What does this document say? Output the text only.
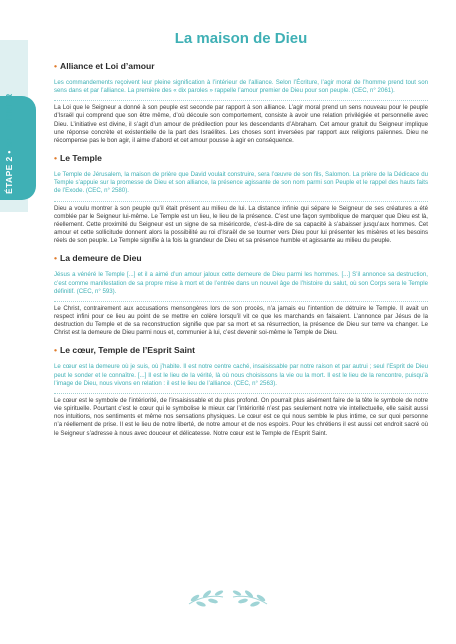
ÉTAPE 2 • SE FORMER
La maison de Dieu
• Alliance et Loi d’amour

Les commandements reçoivent leur pleine signification à l’intérieur de l’alliance. Selon l’Écriture, l’agir moral de l’homme prend tout son sens dans et par l’alliance. La première des « dix paroles » rappelle l’amour premier de Dieu pour son peuple. (CEC, n° 2061).

La Loi que le Seigneur a donné à son peuple est seconde par rapport à son alliance. L’agir moral prend un sens nouveau pour le peuple d’Israël qui comprend que son être même, d’où découle son comportement, consiste à avoir une relation privilégiée et personnelle avec Dieu. L’initiative est divine, il s’agit d’un amour de prédilection pour les descendants d’Abraham. Cet amour gratuit du Seigneur implique une réponse concrète et existentielle de la part des Israélites. Les choses sont inversées par rapport aux religions païennes. Dieu ne récompense pas le bon agir, il aime d’abord et cet amour pousse à agir en conséquence.

• Le Temple

Le Temple de Jérusalem, la maison de prière que David voulait construire, sera l’œuvre de son fils, Salomon. La prière de la Dédicace du Temple s’appuie sur la promesse de Dieu et son alliance, la présence agissante de son nom parmi son Peuple et le rappel des hauts faits de l’Exode. (CEC, n° 2580).

Dieu a voulu montrer à son peuple qu’il était présent au milieu de lui. La distance infinie qui sépare le Seigneur de ses créatures a été comblée par le Seigneur lui-même. Le Temple est un lieu, le lieu de la présence. C’est une façon symbolique de marquer que Dieu est là, réellement. Cette proximité du Seigneur est un signe de sa miséricorde, c’est-à-dire de sa capacité à s’abaisser jusqu’aux hommes. Cet amour et cette sollicitude donnent alors la possibilité au roi d’Israël de se tourner vers Dieu pour lui présenter les misères et les besoins réels de son peuple. Le Temple signifie à la fois la grandeur de Dieu et sa présence humble et agissante au milieu du peuple.

• La demeure de Dieu

Jésus a vénéré le Temple [...] et il a aimé d’un amour jaloux cette demeure de Dieu parmi les hommes. [...] S’il annonce sa destruction, c’est comme manifestation de sa propre mise à mort et de l’entrée dans un nouvel âge de l’histoire du salut, où son Corps sera le Temple définitif. (CEC, n° 593).

Le Christ, contrairement aux accusations mensongères lors de son procès, n’a jamais eu l’intention de détruire le Temple. Il avait un respect infini pour ce lieu au point de se mettre en colère lorsqu’il vit ce que les marchands en faisaient. L’annonce par Jésus de la destruction du Temple et de sa reconstruction signifie que par sa mort et sa résurrection, la présence de Dieu sur terre va changer. Le Christ est la demeure de Dieu parmi nous et, communier à lui, c’est devenir soi-même le Temple de Dieu.

• Le cœur, Temple de l’Esprit Saint

Le cœur est la demeure où je suis, où j’habite. Il est notre centre caché, insaisissable par notre raison et par autrui ; seul l’Esprit de Dieu peut le sonder et le connaître. [...] Il est le lieu de la vérité, là où nous choisissons la vie ou la mort. Il est le lieu de la rencontre, puisqu’à l’image de Dieu, nous vivons en relation : il est le lieu de l’alliance. (CEC, n° 2563).

Le cœur est le symbole de l’intériorité, de l’insaisissable et du plus profond. On pourrait plus aisément faire de la tête le symbole de notre vie spirituelle. Pourtant c’est le cœur qui le symbolise le mieux car l’intériorité n’est pas seulement notre vie intellectuelle, elle saisit aussi nos intuitions, nos sentiments et même nos sensations physiques. Le cœur est ce qui nous semble le plus intime, ce sur quoi personne n’a réellement de prise. Il est le lieu de notre liberté, de notre amour et de nos espoirs. Pour les chrétiens il est aussi cet endroit sacré où le Seigneur s’adresse à nous avec douceur et délicatesse. Notre cœur est le Temple de l’Esprit Saint.
